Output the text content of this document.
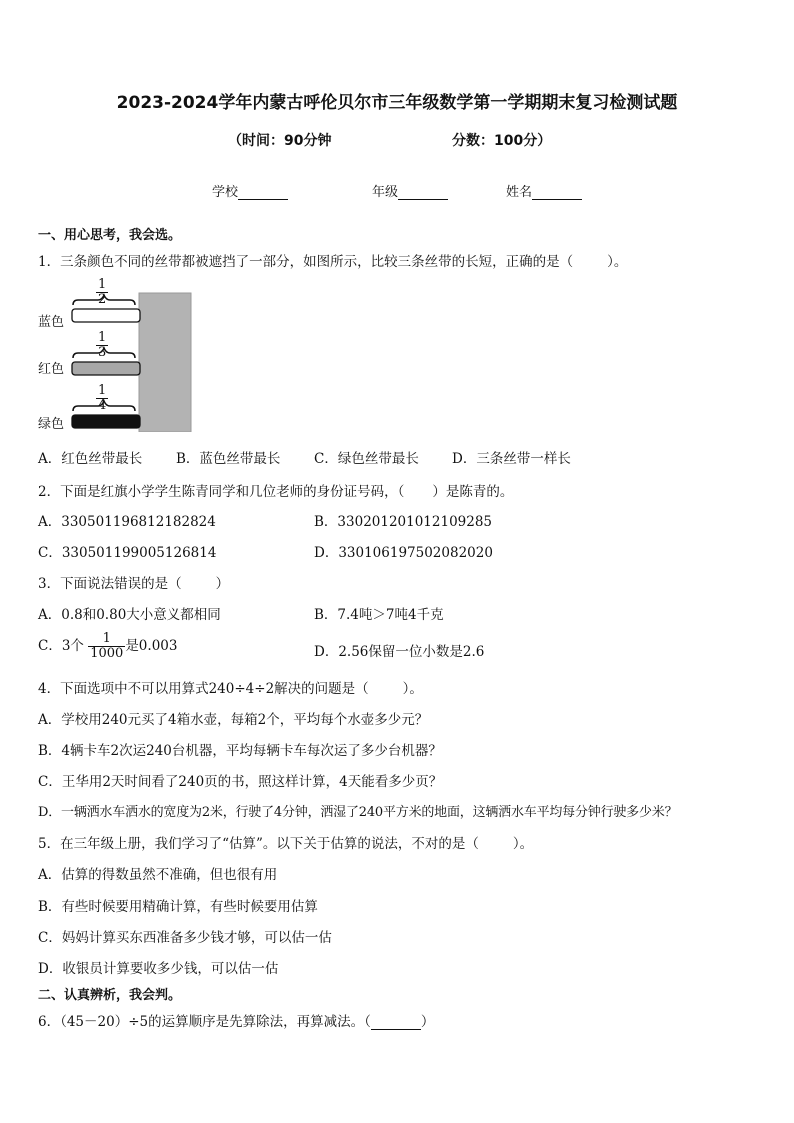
2023-2024学年内蒙古呼伦贝尔市三年级数学第一学期期末复习检测试题
（时间：90分钟	分数：100分）
学校	年级	姓名
一、用心思考，我会选。
1．三条颜色不同的丝带都被遮挡了一部分，如图所示，比较三条丝带的长短，正确的是（	）。
$\frac{1}{2}$
$\frac{1}{3}$
$\frac{1}{4}$
蓝色
红色
绿色
A．红色丝带最长	B．蓝色丝带最长 C．绿色丝带最长 D．三条丝带一样长
2．下面是红旗小学学生陈青同学和几位老师的身份证号码，（ ）是陈青的。
A．330501196812182824	B．330201201012109285
C．330501199005126814	D．330106197502082020
3．下面说法错误的是（	）
A．0.8和0.80大小意义都相同	B．7.4吨＞7吨4千克
C．3个 $\frac{1}{1000}$ 是0.003	D．2.56保留一位小数是2.6
4．下面选项中不可以用算式240÷4÷2解决的问题是（	）。
A．学校用240元买了4箱水壶，每箱2个，平均每个水壶多少元？
B．4辆卡车2次运240台机器，平均每辆卡车每次运了多少台机器？
C．王华用2天时间看了240页的书，照这样计算，4天能看多少页？
D．一辆洒水车洒水的宽度为2米，行驶了4分钟，洒湿了240平方米的地面，这辆洒水车平均每分钟行驶多少米？
5．在三年级上册，我们学习了“估算”。以下关于估算的说法，不对的是（	）。
A．估算的得数虽然不准确，但也很有用
B．有些时候要用精确计算，有些时候要用估算
C．妈妈计算买东西准备多少钱才够，可以估一估
D．收银员计算要收多少钱，可以估一估
二、认真辨析，我会判。
6．（45－20）÷5的运算顺序是先算除法，再算减法。（	）
